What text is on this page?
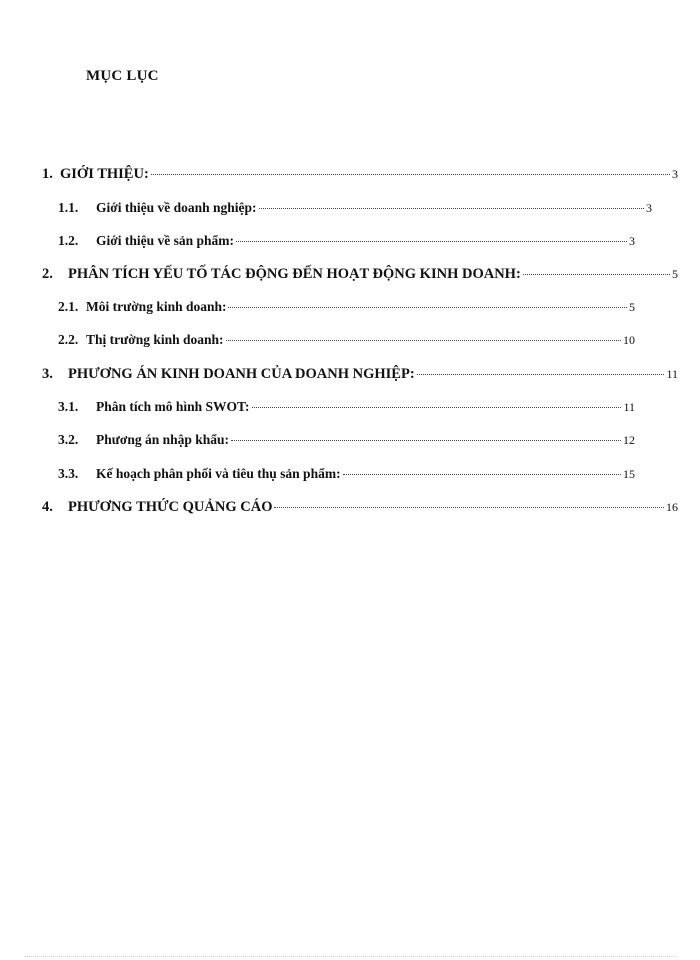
MỤC LỤC
1. GIỚI THIỆU:	3
1.1.	Giới thiệu về doanh nghiệp:	3
1.2.	Giới thiệu về sản phẩm:	3
2.	PHÂN TÍCH YẾU TỐ TÁC ĐỘNG ĐẾN HOẠT ĐỘNG KINH DOANH:	5
2.1. Môi trường kinh doanh:	5
2.2. Thị trường kinh doanh:	10
3.	PHƯƠNG ÁN KINH DOANH CỦA DOANH NGHIỆP:	11
3.1.	Phân tích mô hình SWOT:	11
3.2.	Phương án nhập khẩu:	12
3.3.	Kế hoạch phân phối và tiêu thụ sản phẩm:	15
4.	PHƯƠNG THỨC QUẢNG CÁO	16
